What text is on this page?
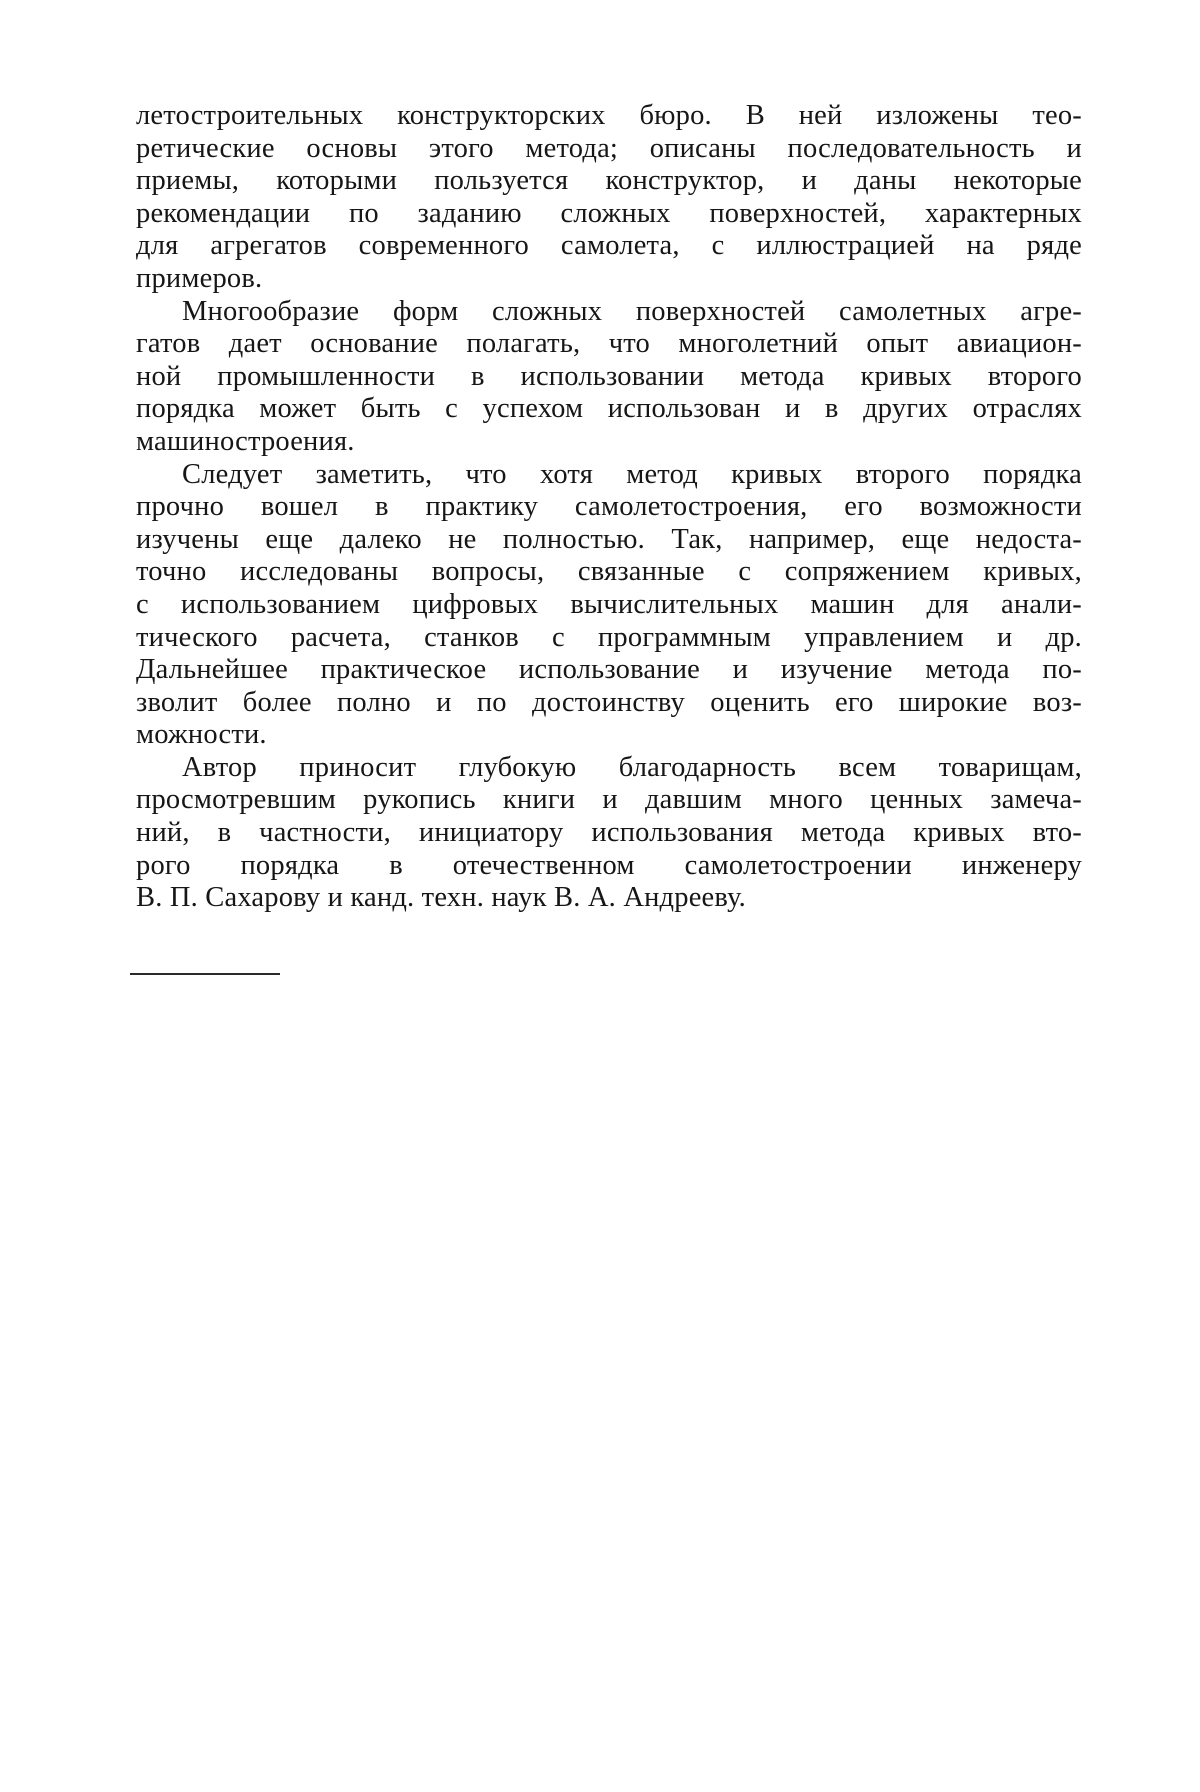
летостроительных конструкторских бюро. В ней изложены тео-
ретические основы этого метода; описаны последовательность и
приемы, которыми пользуется конструктор, и даны некоторые
рекомендации по заданию сложных поверхностей, характерных
для агрегатов современного самолета, с иллюстрацией на ряде
примеров.
Многообразие форм сложных поверхностей самолетных агре-
гатов дает основание полагать, что многолетний опыт авиацион-
ной промышленности в использовании метода кривых второго
порядка может быть с успехом использован и в других отраслях
машиностроения.
Следует заметить, что хотя метод кривых второго порядка
прочно вошел в практику самолетостроения, его возможности
изучены еще далеко не полностью. Так, например, еще недоста-
точно исследованы вопросы, связанные с сопряжением кривых,
с использованием цифровых вычислительных машин для анали-
тического расчета, станков с программным управлением и др.
Дальнейшее практическое использование и изучение метода по-
зволит более полно и по достоинству оценить его широкие воз-
можности.
Автор приносит глубокую благодарность всем товарищам,
просмотревшим рукопись книги и давшим много ценных замеча-
ний, в частности, инициатору использования метода кривых вто-
рого порядка в отечественном самолетостроении инженеру
В. П. Сахарову и канд. техн. наук В. А. Андрееву.
